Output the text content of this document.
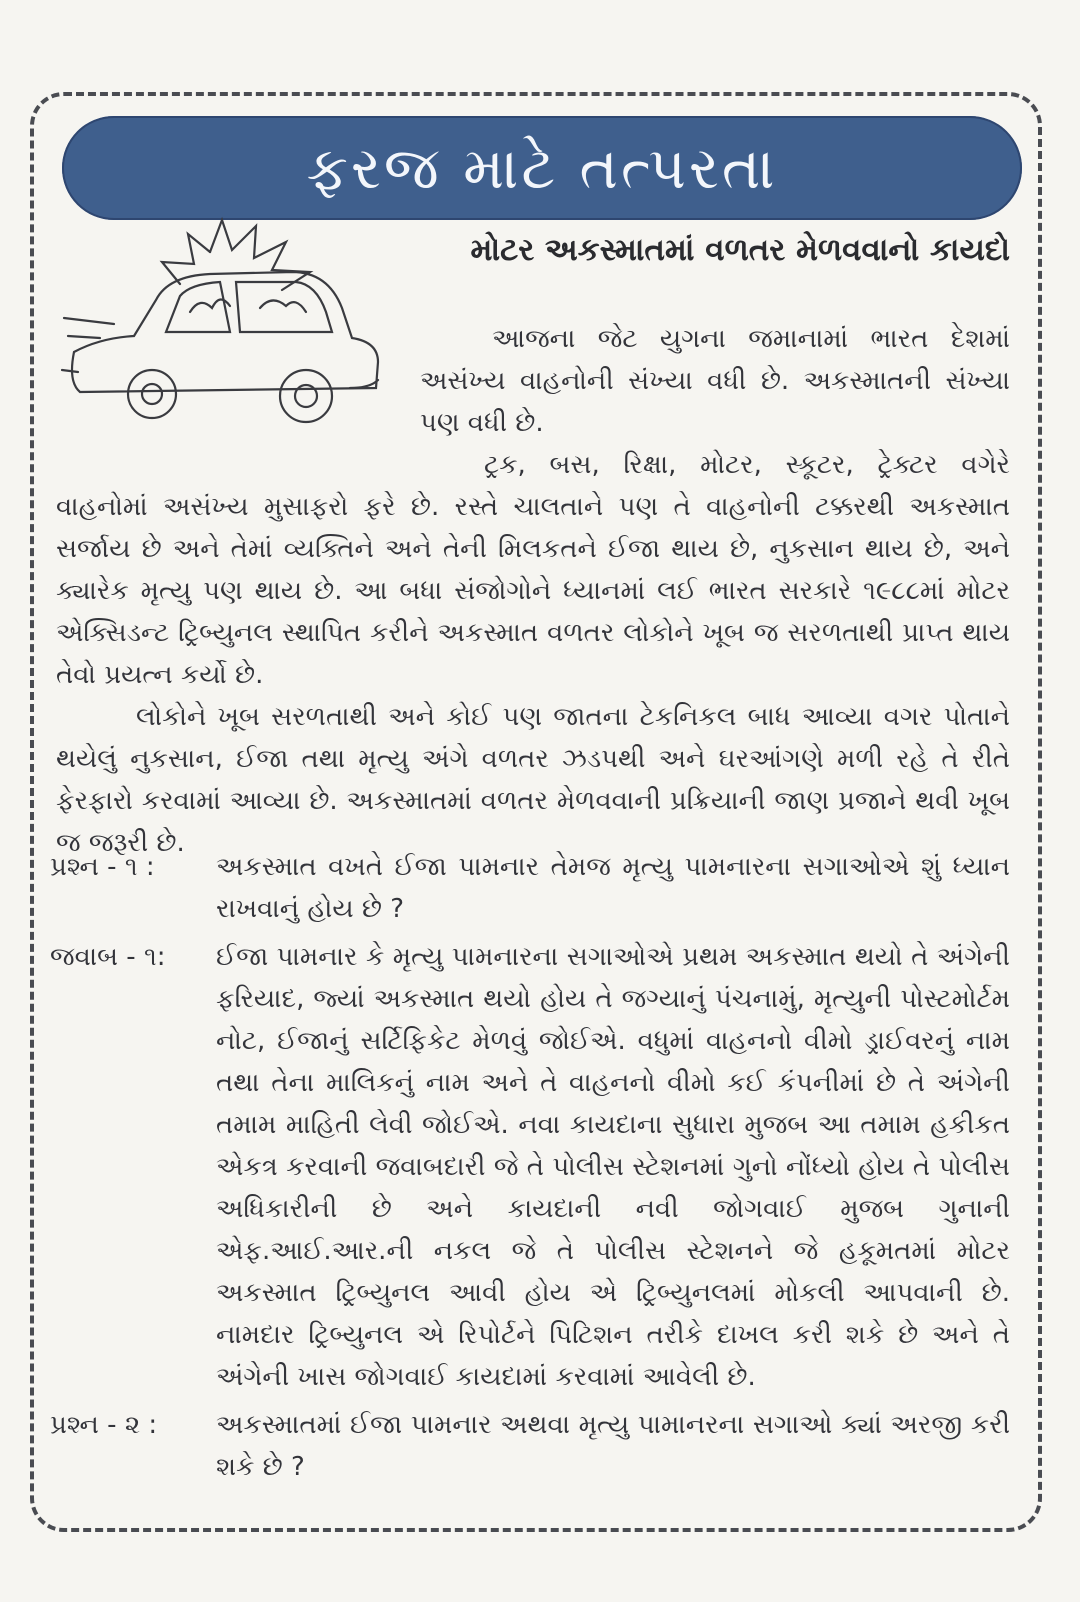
ફરજ માટે તત્પરતા
મોટર અકસ્માતમાં વળતર મેળવવાનો કાયદો

આજના જેટ યુગના જમાનામાં ભારત દેશમાં અસંખ્ય વાહનોની સંખ્યા વધી છે. અકસ્માતની સંખ્યા પણ વધી છે.

ટ્રક, બસ, રિક્ષા, મોટર, સ્કૂટર, ટ્રેક્ટર વગેરે વાહનોમાં અસંખ્ય મુસાફરો ફરે છે. રસ્તે ચાલતાને પણ તે વાહનોની ટક્કરથી અકસ્માત સર્જાય છે અને તેમાં વ્યક્તિને અને તેની મિલકતને ઈજા થાય છે, નુકસાન થાય છે, અને ક્યારેક મૃત્યુ પણ થાય છે. આ બધા સંજોગોને ધ્યાનમાં લઈ ભારત સરકારે ૧૯૮૮માં મોટર એક્સિડન્ટ ટ્રિબ્યુનલ સ્થાપિત કરીને અકસ્માત વળતર લોકોને ખૂબ જ સરળતાથી પ્રાપ્ત થાય તેવો પ્રયત્ન કર્યો છે.

લોકોને ખૂબ સરળતાથી અને કોઈ પણ જાતના ટેકનિકલ બાધ આવ્યા વગર પોતાને થયેલું નુકસાન, ઈજા તથા મૃત્યુ અંગે વળતર ઝડપથી અને ઘરઆંગણે મળી રહે તે રીતે ફેરફારો કરવામાં આવ્યા છે. અકસ્માતમાં વળતર મેળવવાની પ્રક્રિયાની જાણ પ્રજાને થવી ખૂબ જ જરૂરી છે.

પ્રશ્ન - ૧ :	અકસ્માત વખતે ઈજા પામનાર તેમજ મૃત્યુ પામનારના સગાઓએ શું ધ્યાન રાખવાનું હોય છે ?
જવાબ - ૧:	ઈજા પામનાર કે મૃત્યુ પામનારના સગાઓએ પ્રથમ અકસ્માત થયો તે અંગેની ફરિયાદ, જ્યાં અકસ્માત થયો હોય તે જગ્યાનું પંચનામું, મૃત્યુની પોસ્ટમોર્ટમ નોટ, ઈજાનું સર્ટિફિકેટ મેળવું જોઈએ. વધુમાં વાહનનો વીમો ડ્રાઈવરનું નામ તથા તેના માલિકનું નામ અને તે વાહનનો વીમો કઈ કંપનીમાં છે તે અંગેની તમામ માહિતી લેવી જોઈએ. નવા કાયદાના સુધારા મુજબ આ તમામ હકીકત એકત્ર કરવાની જવાબદારી જે તે પોલીસ સ્ટેશનમાં ગુનો નોંધ્યો હોય તે પોલીસ અધિકારીની છે અને કાયદાની નવી જોગવાઈ મુજબ ગુનાની એફ.આઈ.આર.ની નકલ જે તે પોલીસ સ્ટેશનને જે હકૂમતમાં મોટર અકસ્માત ટ્રિબ્યુનલ આવી હોય એ ટ્રિબ્યુનલમાં મોકલી આપવાની છે. નામદાર ટ્રિબ્યુનલ એ રિપોર્ટને પિટિશન તરીકે દાખલ કરી શકે છે અને તે અંગેની ખાસ જોગવાઈ કાયદામાં કરવામાં આવેલી છે.
પ્રશ્ન - ૨ :	અકસ્માતમાં ઈજા પામનાર અથવા મૃત્યુ પામાનરના સગાઓ ક્યાં અરજી કરી શકે છે ?
